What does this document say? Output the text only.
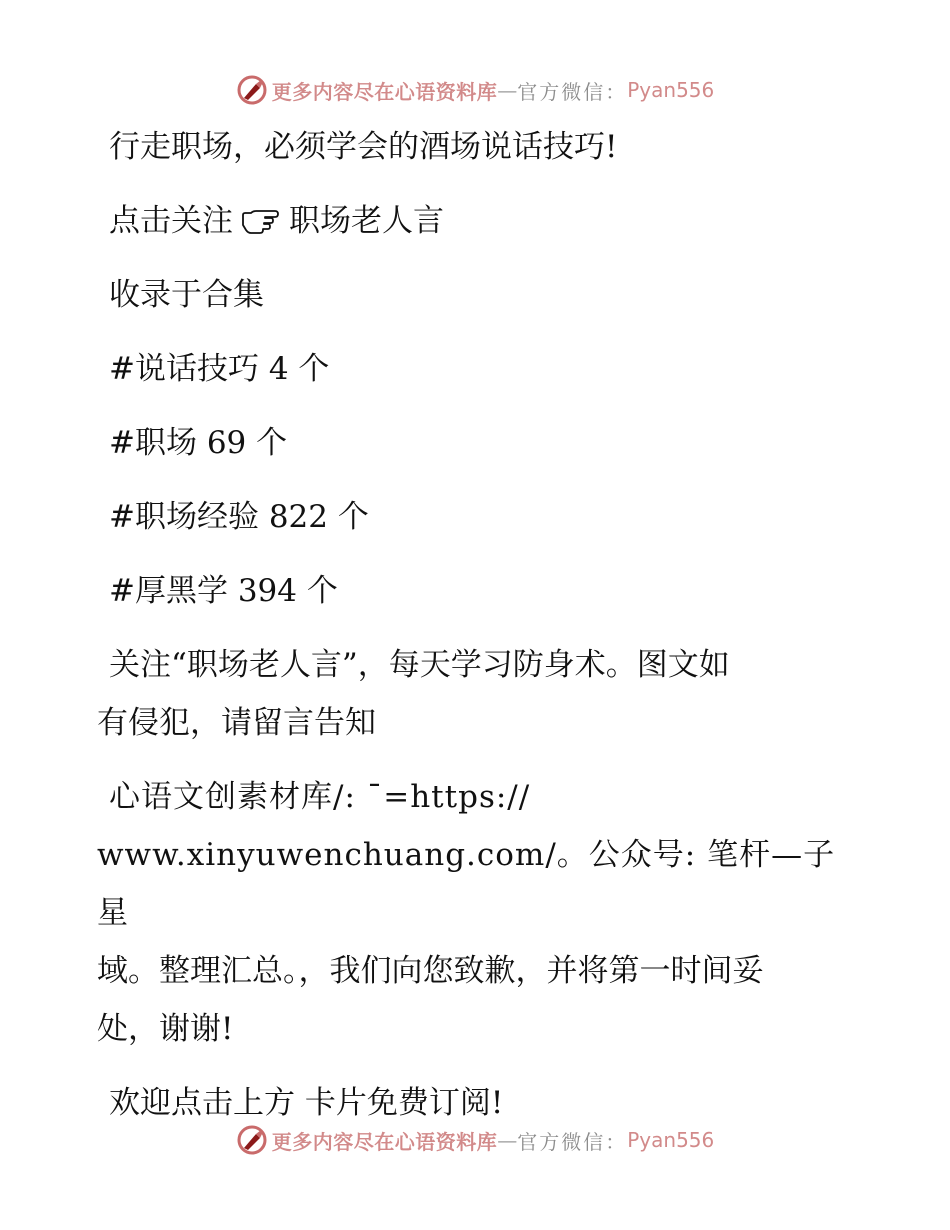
更多内容尽在心语资料库 — 官方微信： Pyan556

行走职场，必须学会的酒场说话技巧!

点击关注 职场老人言

收录于合集

#说话技巧 4 个

#职场 69 个

#职场经验 822 个

#厚黑学 394 个

关注“职场老人言”，每天学习防身术。图文如
有侵犯，请留言告知
心语文创素材库/: ¯=https://
www.xinyuwenchuang.com/。公众号: 笔杆—子星
域。整理汇总。，我们向您致歉，并将第一时间妥
处，谢谢!

欢迎点击上方 卡片免费订阅!

更多内容尽在心语资料库 — 官方微信： Pyan556
